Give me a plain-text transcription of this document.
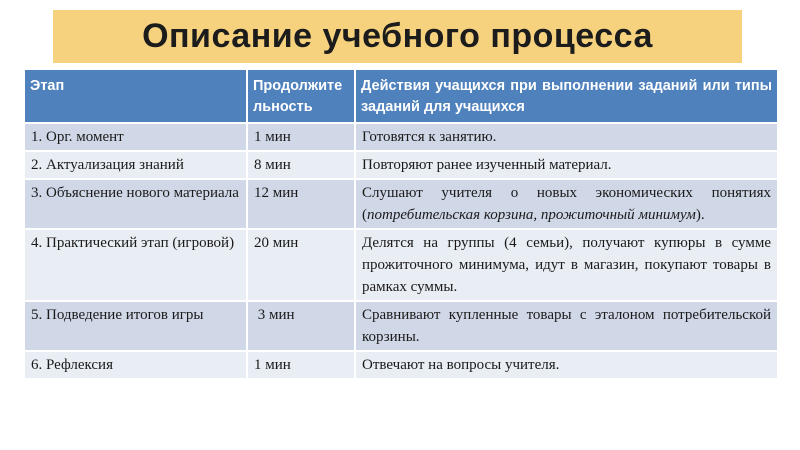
Описание учебного процесса
Этап	Продолжительность	Действия учащихся при выполнении заданий или типы заданий для учащихся
1. Орг. момент	1 мин	Готовятся к занятию.
2. Актуализация знаний	8 мин	Повторяют ранее изученный материал.
3. Объяснение нового материала	12 мин	Слушают учителя о новых экономических понятиях (потребительская корзина, прожиточный минимум).
4. Практический этап (игровой)	20 мин	Делятся на группы (4 семьи), получают купюры в сумме прожиточного минимума, идут в магазин, покупают товары в рамках суммы.
5. Подведение итогов игры	3 мин	Сравнивают купленные товары с эталоном потребительской корзины.
6. Рефлексия	1 мин	Отвечают на вопросы учителя.
